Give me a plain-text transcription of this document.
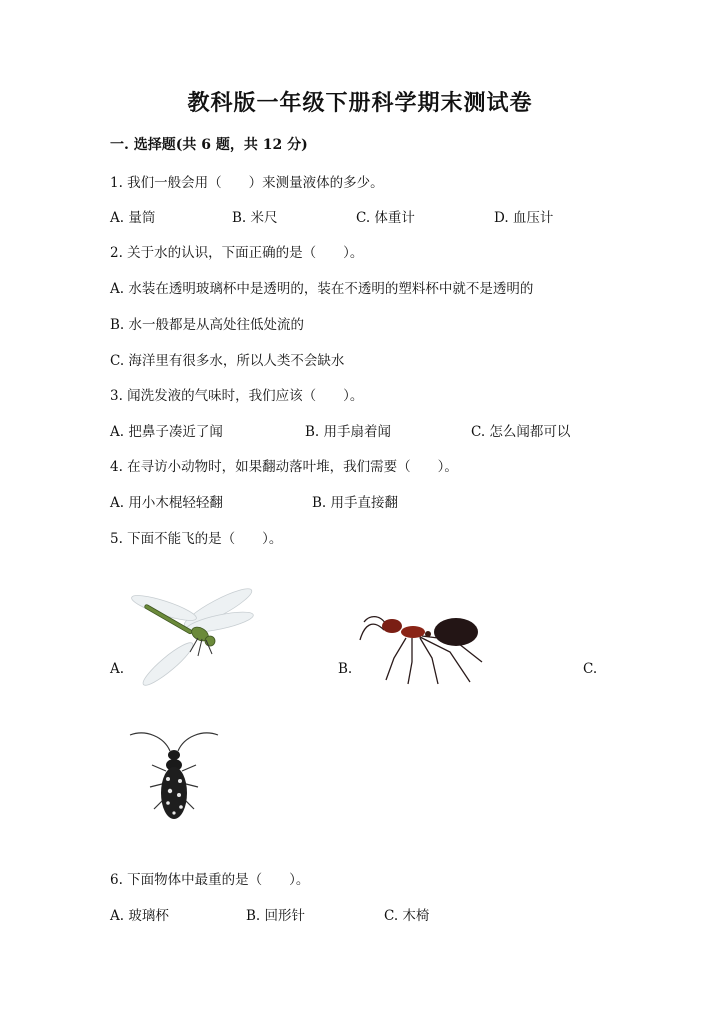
教科版一年级下册科学期末测试卷
一. 选择题(共 6 题，共 12 分)
1. 我们一般会用（　　）来测量液体的多少。
A. 量筒	B. 米尺	C. 体重计	D. 血压计
2. 关于水的认识，下面正确的是（　　）。
A. 水装在透明玻璃杯中是透明的，装在不透明的塑料杯中就不是透明的
B. 水一般都是从高处往低处流的
C. 海洋里有很多水，所以人类不会缺水
3. 闻洗发液的气味时，我们应该（　　）。
A. 把鼻子凑近了闻	B. 用手扇着闻	C. 怎么闻都可以
4. 在寻访小动物时，如果翻动落叶堆，我们需要（　　）。
A. 用小木棍轻轻翻	B. 用手直接翻
5. 下面不能飞的是（　　）。
A.	B.	C.
6. 下面物体中最重的是（　　）。
A. 玻璃杯	B. 回形针	C. 木椅
